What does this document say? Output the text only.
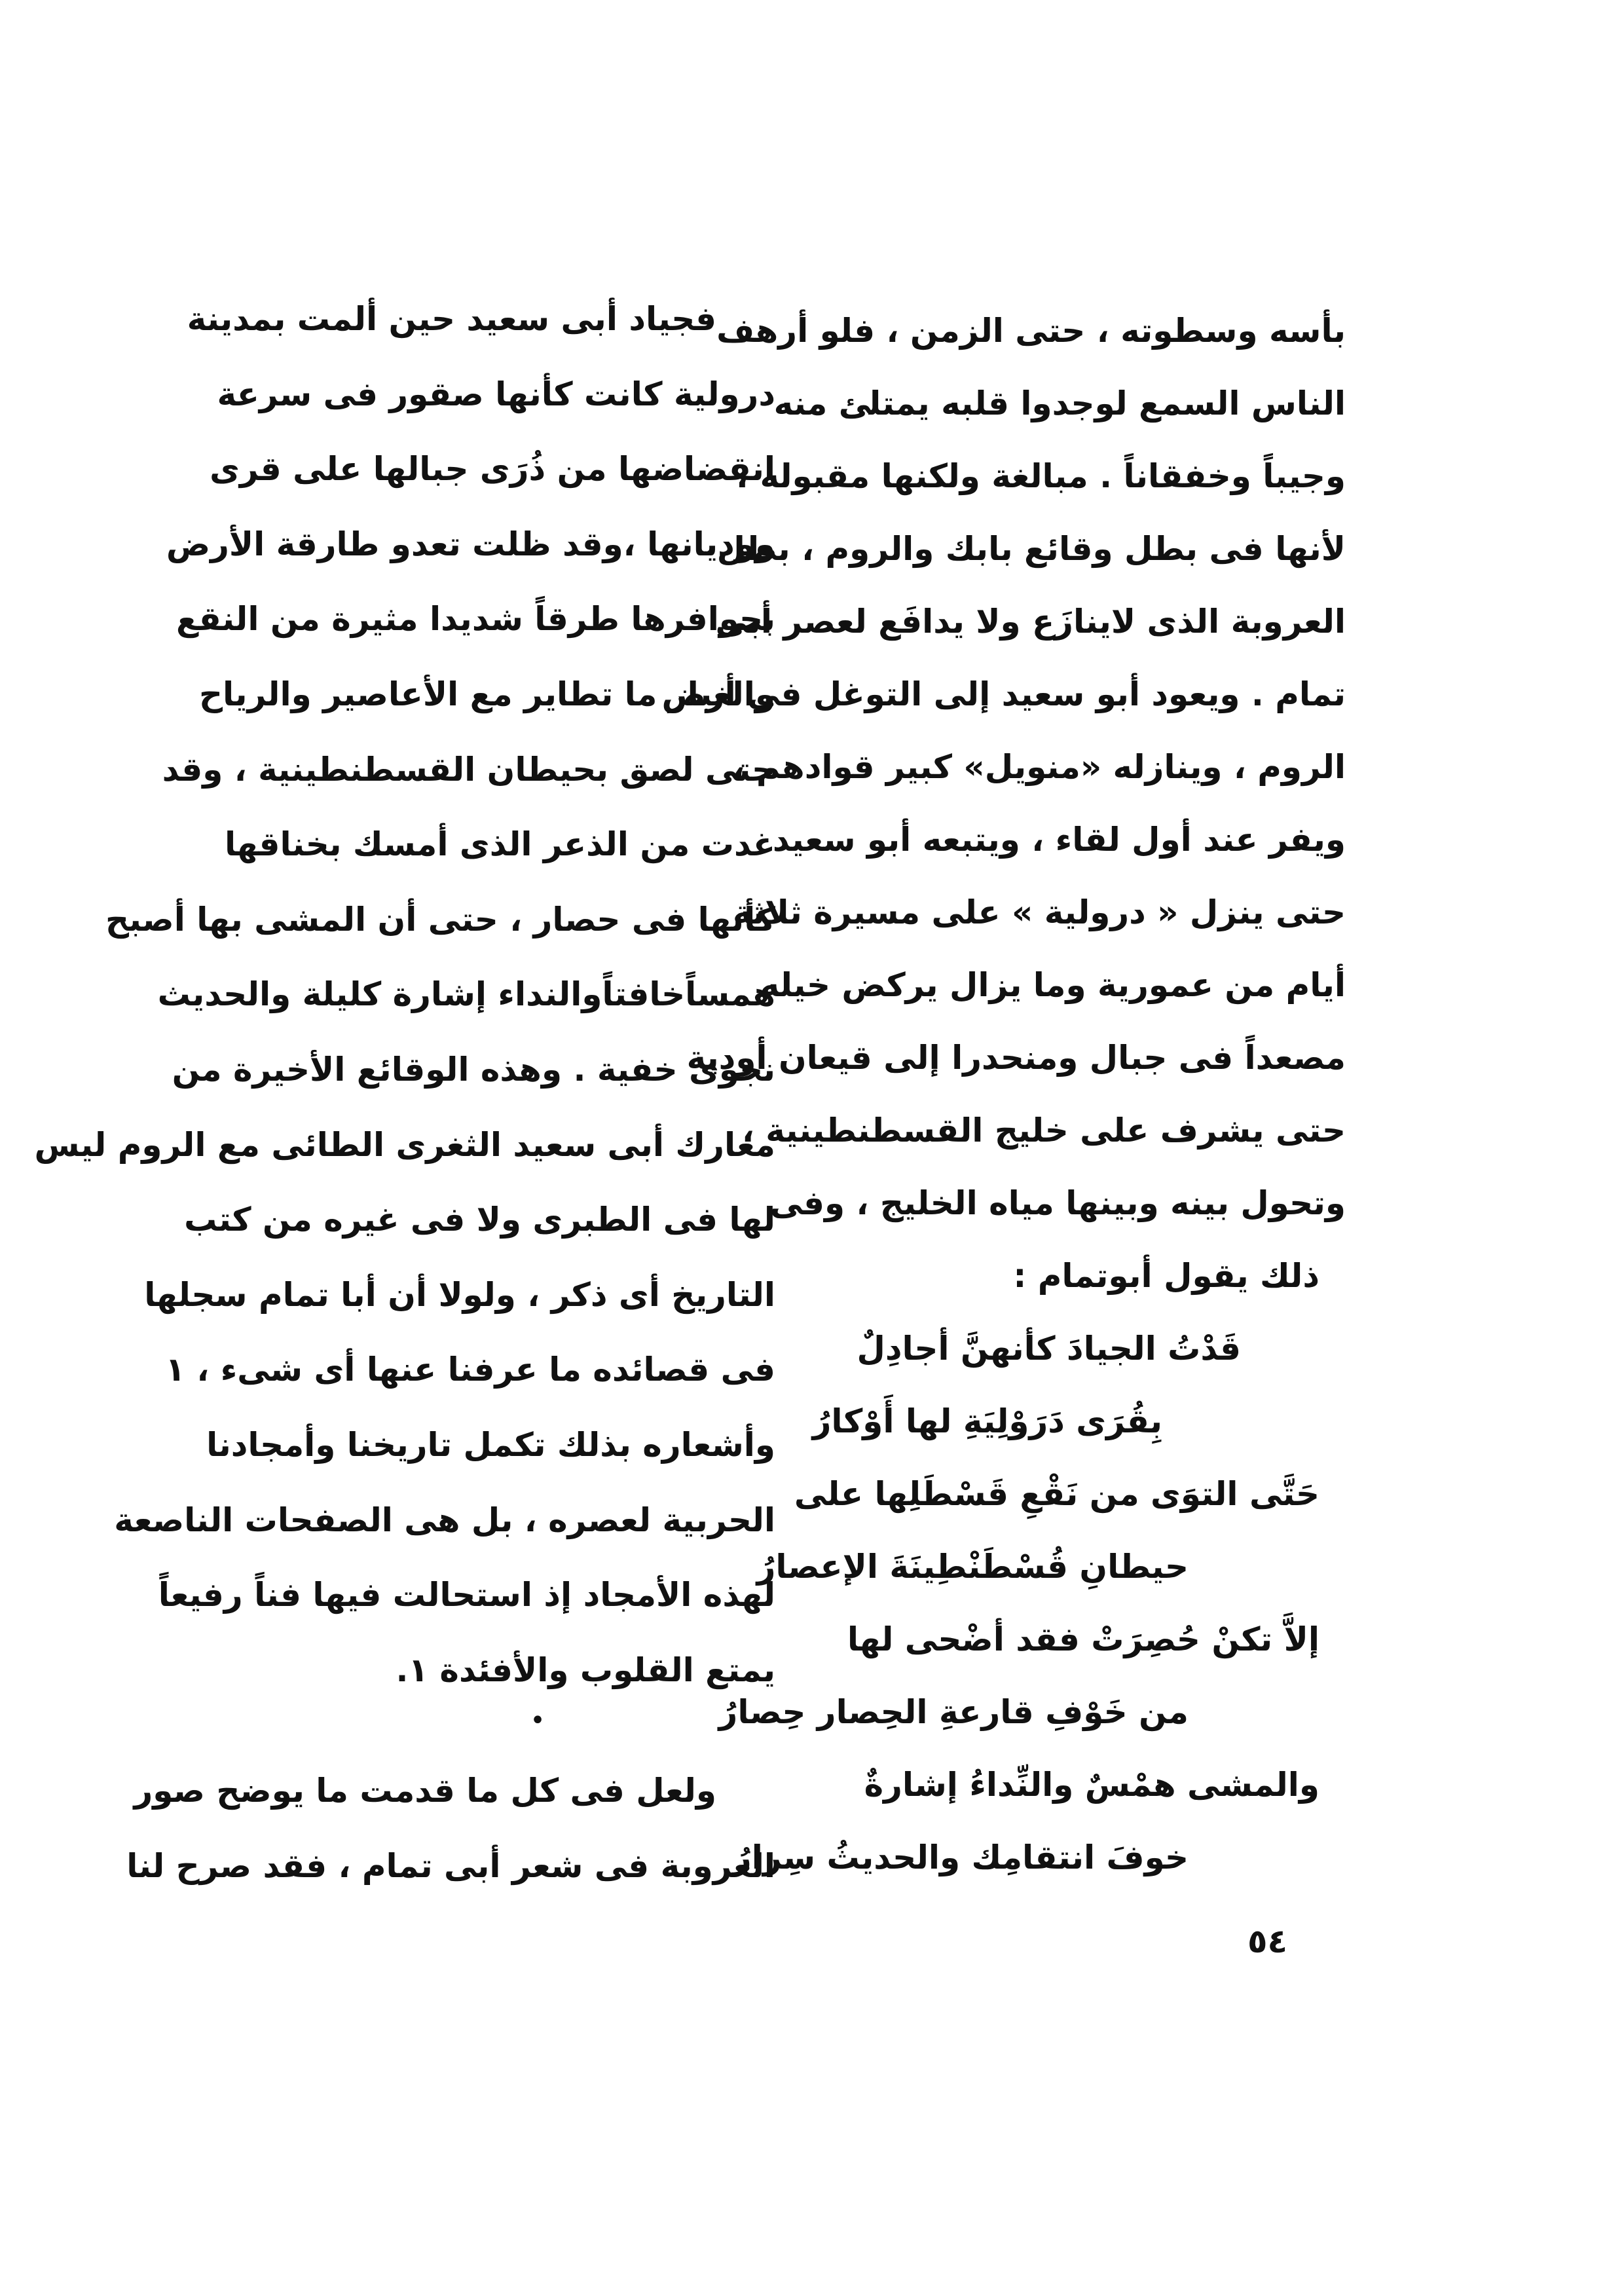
بأسه وسطوته ، حتى الزمن ، فلو أرهف
الناس السمع لوجدوا قلبه يمتلئ منه
وجيباً وخفقاناً . مبالغة ولكنها مقبوله ،
لأنها فى بطل وقائع بابك والروم ، بطل
العروبة الذى لاينازَع ولا يدافَع لعصر أبى
تمام . ويعود أبو سعيد إلى التوغل فى أرض
الروم ، وينازله «منويل» كبير قوادهم ،
ويفر عند أول لقاء ، ويتبعه أبو سعيد
حتى ينزل « درولية » على مسيرة ثلاثة
أيام من عمورية وما يزال يركض خيله
مصعداً فى جبال ومنحدرا إلى قيعان أودية
حتى يشرف على خليج القسطنطينية ،
وتحول بينه وبينها مياه الخليج ، وفى
ذلك يقول أبوتمام :
قَدْتُ الجيادَ كأنهنَّ أجادِلٌ
بِقُرَى دَرَوْلِيَةِ لها أَوْكارُ
حَتَّى التوَى من نَقْعِ قَسْطَلِها على
حيطانِ قُسْطَنْطِينَةَ الإعصارُ
إلاَّ تكنْ حُصِرَتْ فقد أضْحى لها
من خَوْفِ قارعةِ الحِصار حِصارُ
والمشى همْسٌ والنِّداءُ إشارةٌ
خوفَ انتقامِك والحديثُ سِرارُ
فجياد أبى سعيد حين ألمت بمدينة
درولية كانت كأنها صقور فى سرعة
انقضاضها من ذُرَى جبالها على قرى
ووديانها ،وقد ظلت تعدو طارقة الأرض
بحوافرها طرقاً شديدا مثيرة من النقع
والغبار ما تطاير مع الأعاصير والرياح
حتى لصق بحيطان القسطنطينية ، وقد
غدت من الذعر الذى أمسك بخناقها
كأنها فى حصار ، حتى أن المشى بها أصبح
همساًخافتاًوالنداء إشارة كليلة والحديث
نجوى خفية . وهذه الوقائع الأخيرة من
معارك أبى سعيد الثغرى الطائى مع الروم ليس
لها فى الطبرى ولا فى غيره من كتب
التاريخ أى ذكر ، ولولا أن أبا تمام سجلها
فى قصائده ما عرفنا عنها أى شىء ، ١
وأشعاره بذلك تكمل تاريخنا وأمجادنا
الحربية لعصره ، بل هى الصفحات الناصعة
لهذه الأمجاد إذ استحالت فيها فناً رفيعاً
يمتع القلوب والأفئدة ١.
•
ولعل فى كل ما قدمت ما يوضح صور
العروبة فى شعر أبى تمام ، فقد صرح لنا
٥٤
